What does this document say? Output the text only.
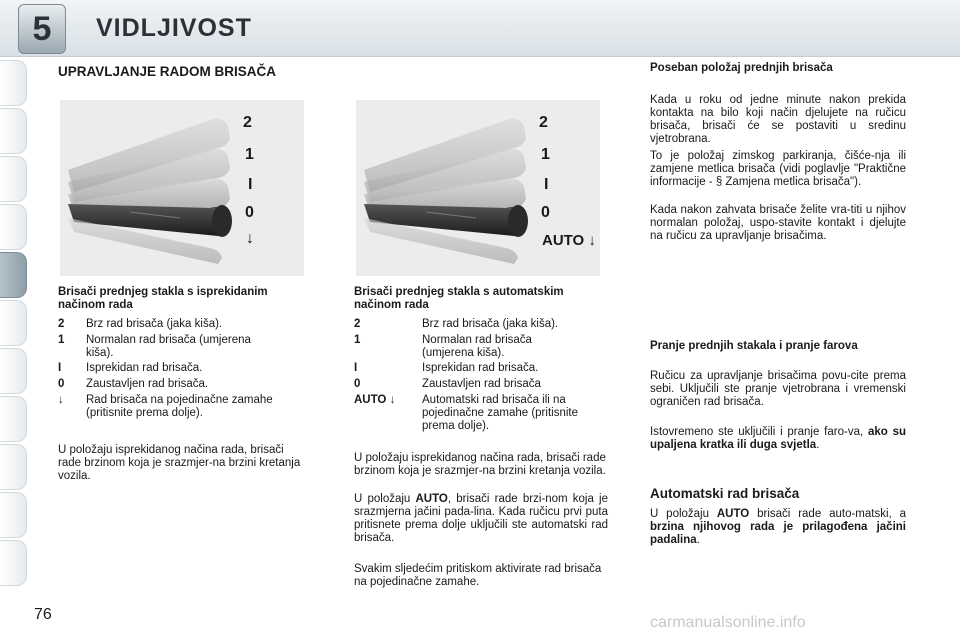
5 VIDLJIVOST
UPRAVLJANJE RADOM BRISAČA
2
1
I
0
↓
2
1
I
0
AUTO ↓
Brisači prednjeg stakla s isprekidanim načinom rada
2 Brz rad brisača (jaka kiša).
1 Normalan rad brisača (umjerena kiša).
I Isprekidan rad brisača.
0 Zaustavljen rad brisača.
↓ Rad brisača na pojedinačne zamahe (pritisnite prema dolje).
U položaju isprekidanog načina rada, brisači rade brzinom koja je srazmjer-na brzini kretanja vozila.
Brisači prednjeg stakla s automatskim načinom rada
2	Brz rad brisača (jaka kiša).
1	Normalan rad brisača (umjerena kiša).
I	Isprekidan rad brisača.
0	Zaustavljen rad brisača
AUTO ↓ Automatski rad brisača ili na pojedinačne zamahe (pritisnite prema dolje).
U položaju isprekidanog načina rada, brisači rade brzinom koja je srazmjer-na brzini kretanja vozila.
U položaju AUTO, brisači rade brzi-nom koja je srazmjerna jačini pada-lina. Kada ručicu prvi puta pritisnete prema dolje uključili ste automatski rad brisača.
Svakim sljedećim pritiskom aktivirate rad brisača na pojedinačne zamahe.
Poseban položaj prednjih brisača
Kada u roku od jedne minute nakon prekida kontakta na bilo koji način djelujete na ručicu brisača, brisači će se postaviti u sredinu vjetrobrana.
To je položaj zimskog parkiranja, čišće-nja ili zamjene metlica brisača (vidi poglavlje "Praktične informacije - § Zamjena metlica brisača").
Kada nakon zahvata brisače želite vra-titi u njihov normalan položaj, uspo-stavite kontakt i djelujte na ručicu za upravljanje brisačima.
Pranje prednjih stakala i pranje farova
Ručicu za upravljanje brisačima povu-cite prema sebi. Uključili ste pranje vjetrobrana i vremenski ograničen rad brisača.
Istovremeno ste uključili i pranje faro-va, ako su upaljena kratka ili duga svjetla.
Automatski rad brisača
U položaju AUTO brisači rade auto-matski, a brzina njihovog rada je prilagođena jačini padalina.
76	carmanualsonline.info
